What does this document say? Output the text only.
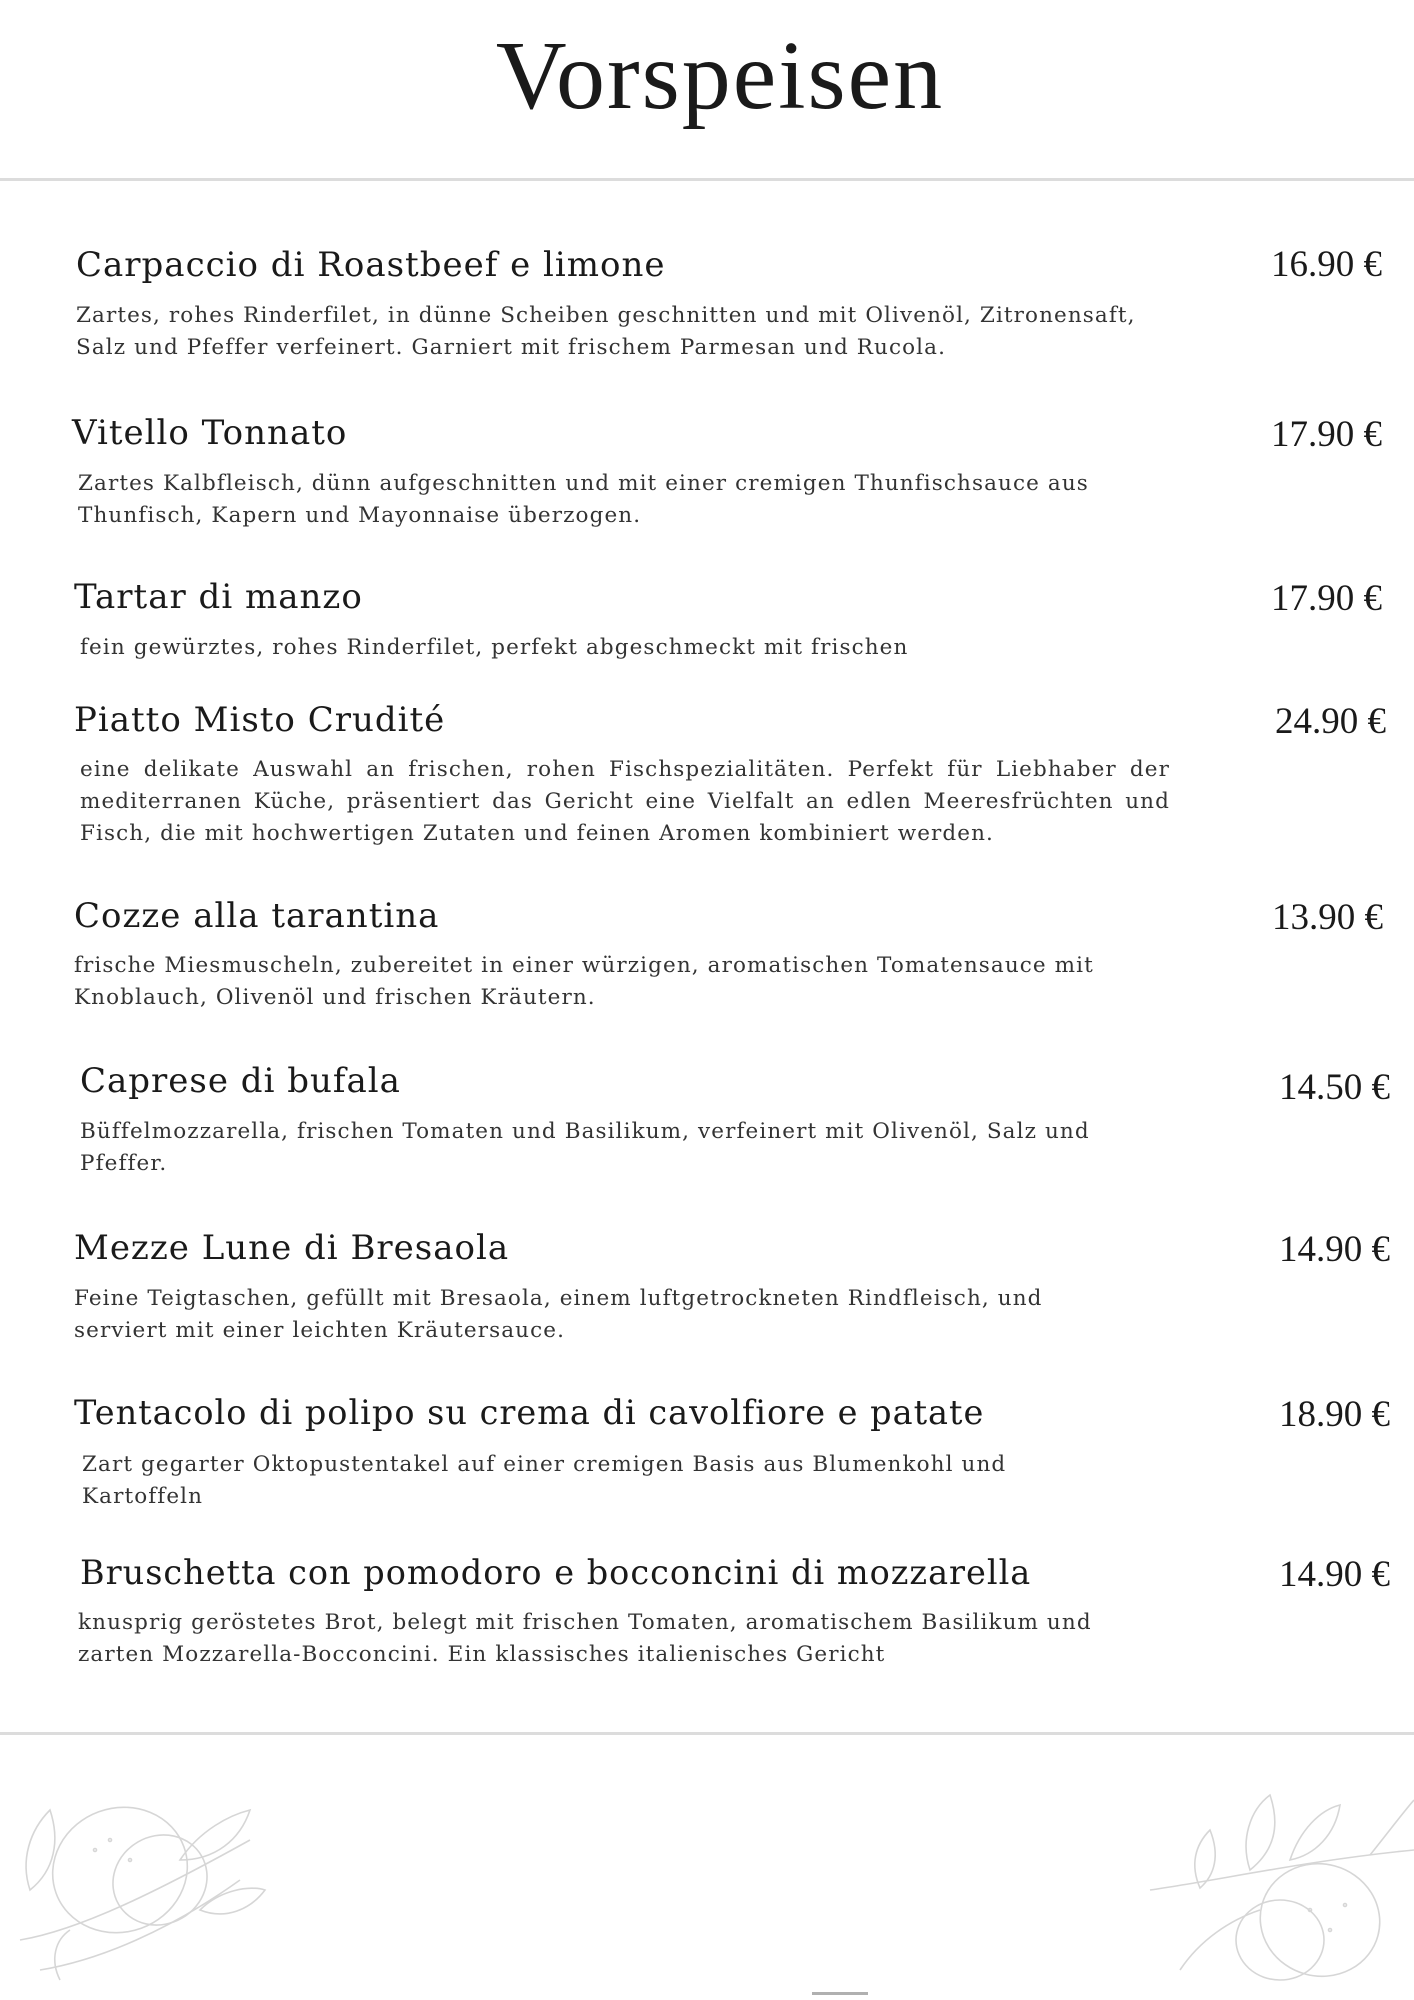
Vorspeisen
Carpaccio di Roastbeef e limone	16.90 €

Zartes, rohes Rinderfilet, in dünne Scheiben geschnitten und mit Olivenöl, Zitronensaft, Salz und Pfeffer verfeinert. Garniert mit frischem Parmesan und Rucola.

Vitello Tonnato	17.90 €

Zartes Kalbfleisch, dünn aufgeschnitten und mit einer cremigen Thunfischsauce aus Thunfisch, Kapern und Mayonnaise überzogen.

Tartar di manzo	17.90 €

fein gewürztes, rohes Rinderfilet, perfekt abgeschmeckt mit frischen

Piatto Misto Crudité	24.90 €

eine delikate Auswahl an frischen, rohen Fischspezialitäten. Perfekt für Liebhaber der mediterranen Küche, präsentiert das Gericht eine Vielfalt an edlen Meeresfrüchten und Fisch, die mit hochwertigen Zutaten und feinen Aromen kombiniert werden.

Cozze alla tarantina	13.90 €

frische Miesmuscheln, zubereitet in einer würzigen, aromatischen Tomatensauce mit Knoblauch, Olivenöl und frischen Kräutern.

Caprese di bufala	14.50 €

Büffelmozzarella, frischen Tomaten und Basilikum, verfeinert mit Olivenöl, Salz und Pfeffer.

Mezze Lune di Bresaola	14.90 €

Feine Teigtaschen, gefüllt mit Bresaola, einem luftgetrockneten Rindfleisch, und serviert mit einer leichten Kräutersauce.

Tentacolo di polipo su crema di cavolfiore e patate	18.90 €

Zart gegarter Oktopustentakel auf einer cremigen Basis aus Blumenkohl und Kartoffeln

Bruschetta con pomodoro e bocconcini di mozzarella	14.90 €

knusprig geröstetes Brot, belegt mit frischen Tomaten, aromatischem Basilikum und zarten Mozzarella-Bocconcini. Ein klassisches italienisches Gericht
